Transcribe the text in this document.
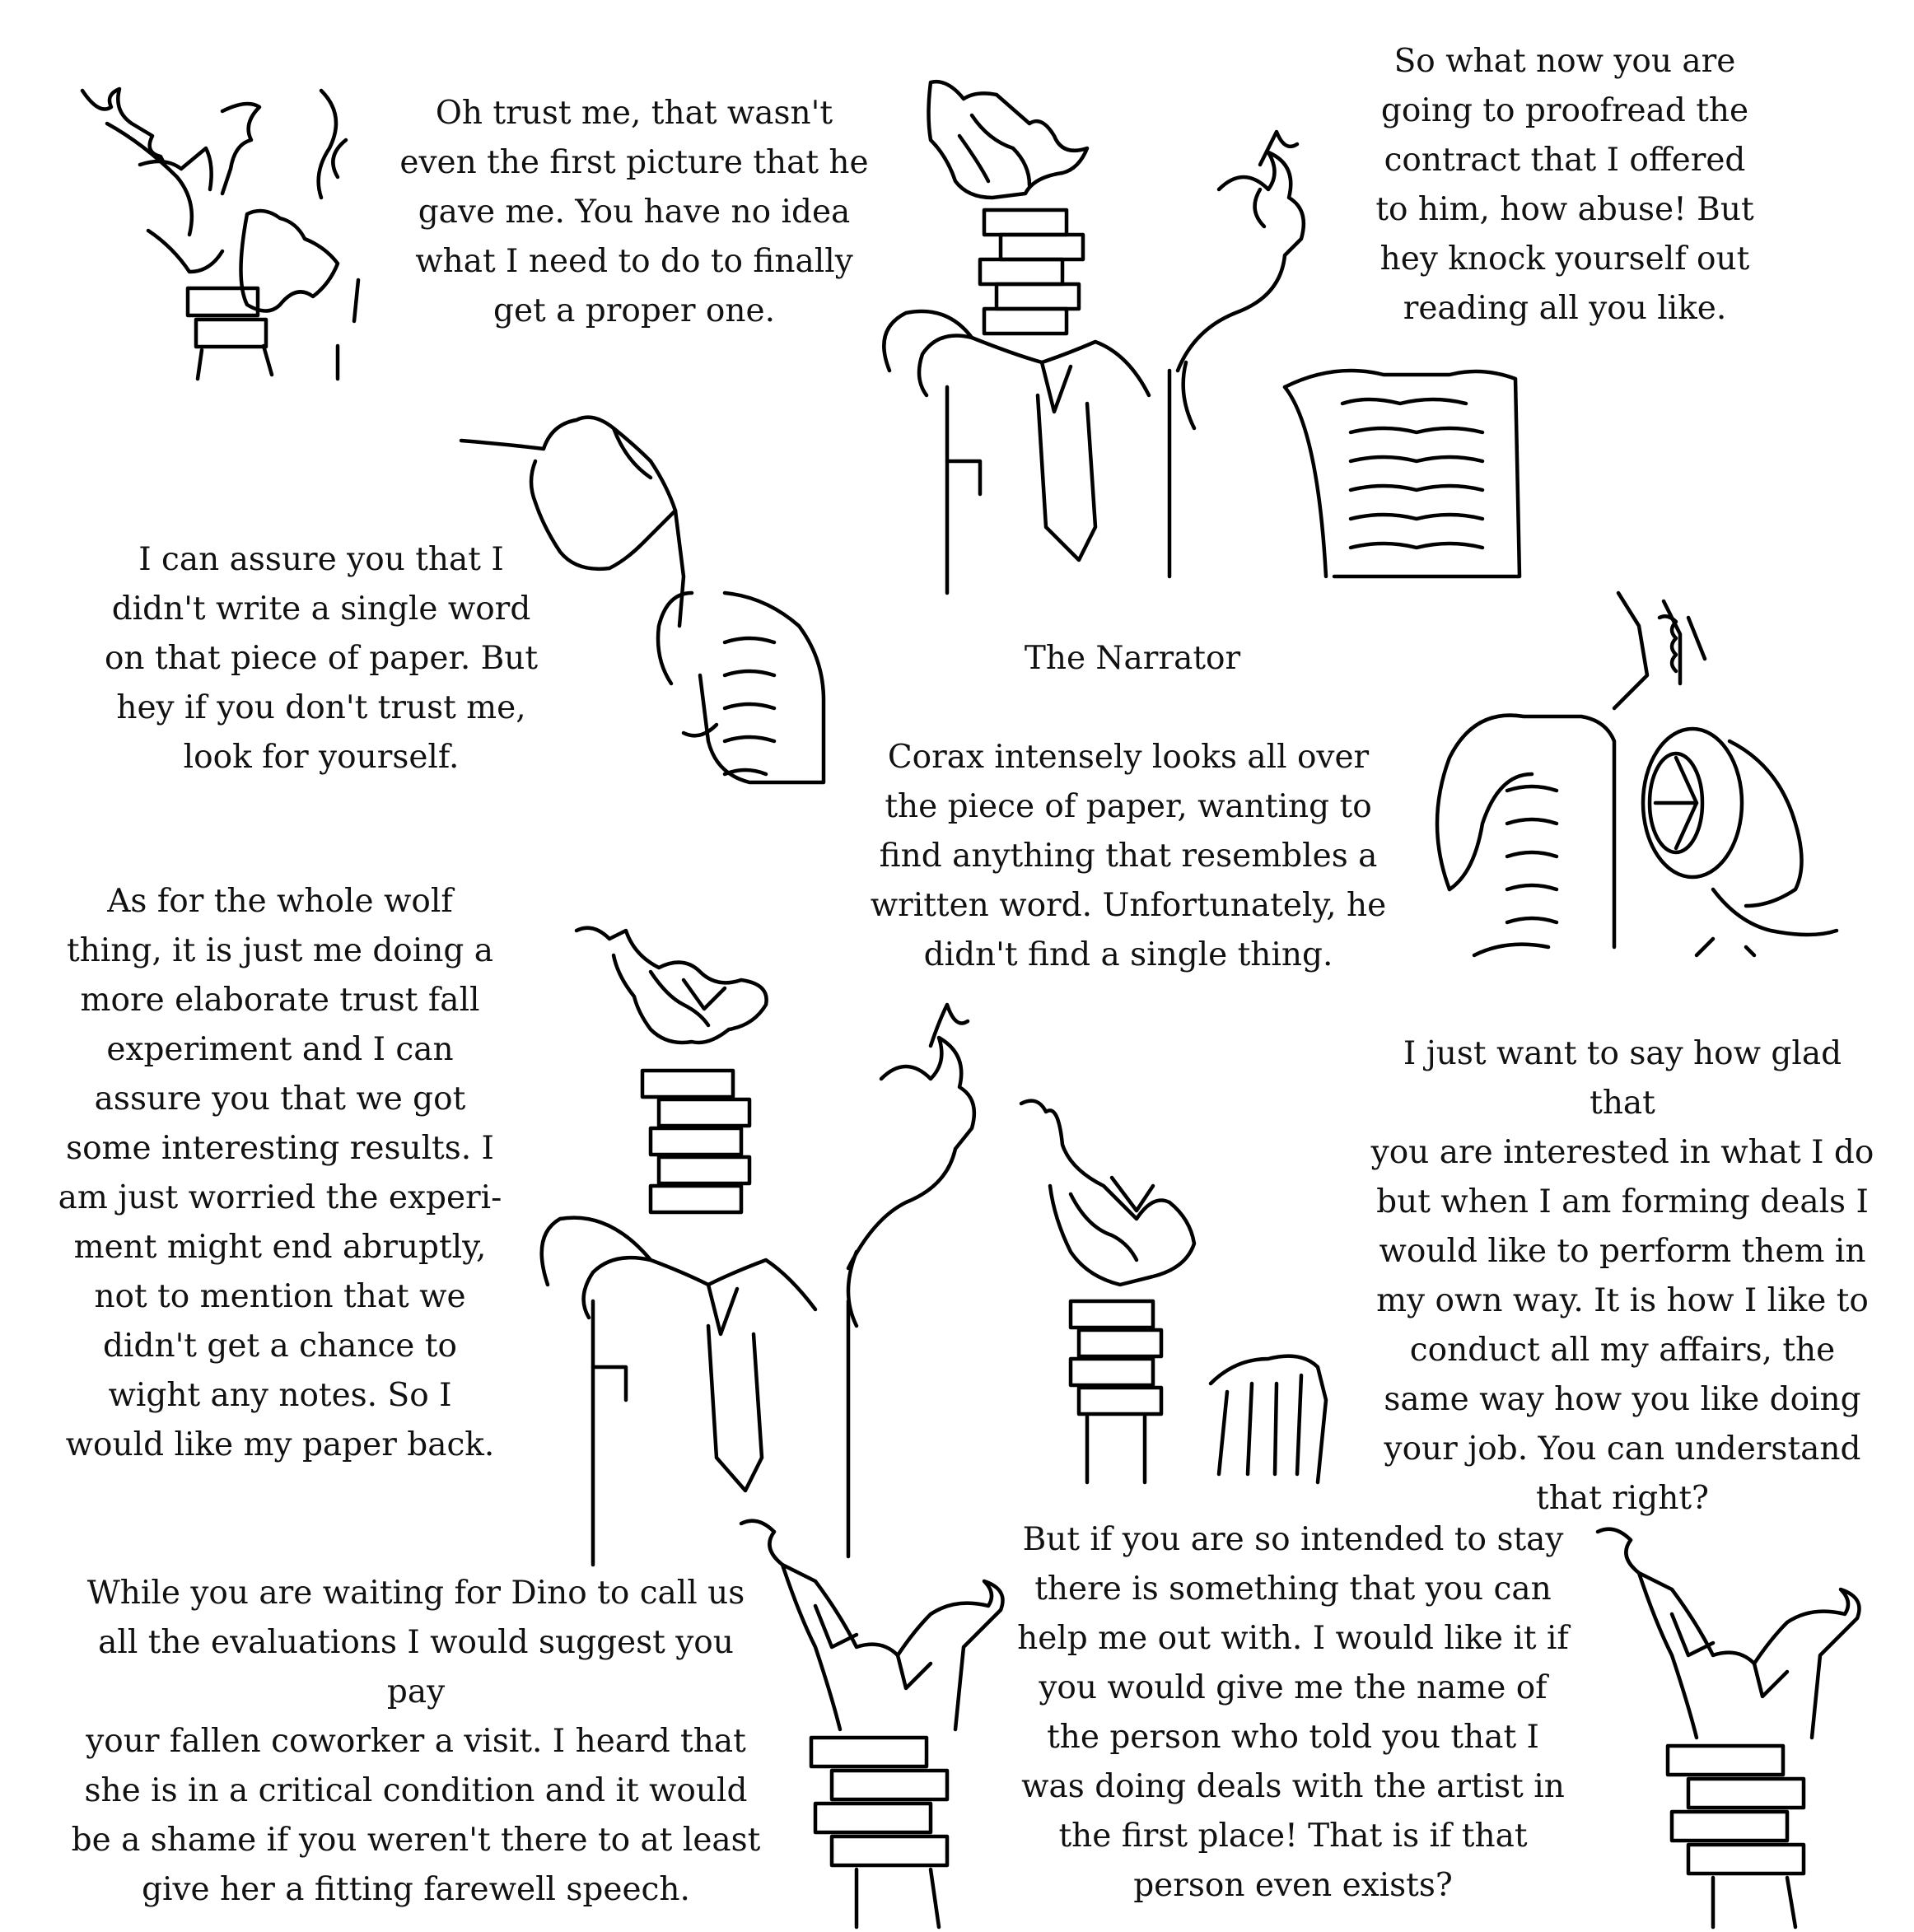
Oh trust me, that wasn't
even the first picture that he
gave me. You have no idea
what I need to do to finally
get a proper one.

So what now you are
going to proofread the
contract that I offered
to him, how abuse! But
hey knock yourself out
reading all you like.

I can assure you that I
didn't write a single word
on that piece of paper. But
hey if you don't trust me,
look for yourself.

The Narrator

Corax intensely looks all over
the piece of paper, wanting to
find anything that resembles a
written word. Unfortunately, he
didn't find a single thing.

As for the whole wolf
thing, it is just me doing a
more elaborate trust fall
experiment and I can
assure you that we got
some interesting results. I
am just worried the experi-
ment might end abruptly,
not to mention that we
didn't get a chance to
wight any notes. So I
would like my paper back.

I just want to say how glad that
you are interested in what I do
but when I am forming deals I
would like to perform them in
my own way. It is how I like to
conduct all my affairs, the
same way how you like doing
your job. You can understand
that right?

While you are waiting for Dino to call us
all the evaluations I would suggest you pay
your fallen coworker a visit. I heard that
she is in a critical condition and it would
be a shame if you weren't there to at least
give her a fitting farewell speech.

But if you are so intended to stay
there is something that you can
help me out with. I would like it if
you would give me the name of
the person who told you that I
was doing deals with the artist in
the first place! That is if that
person even exists?
